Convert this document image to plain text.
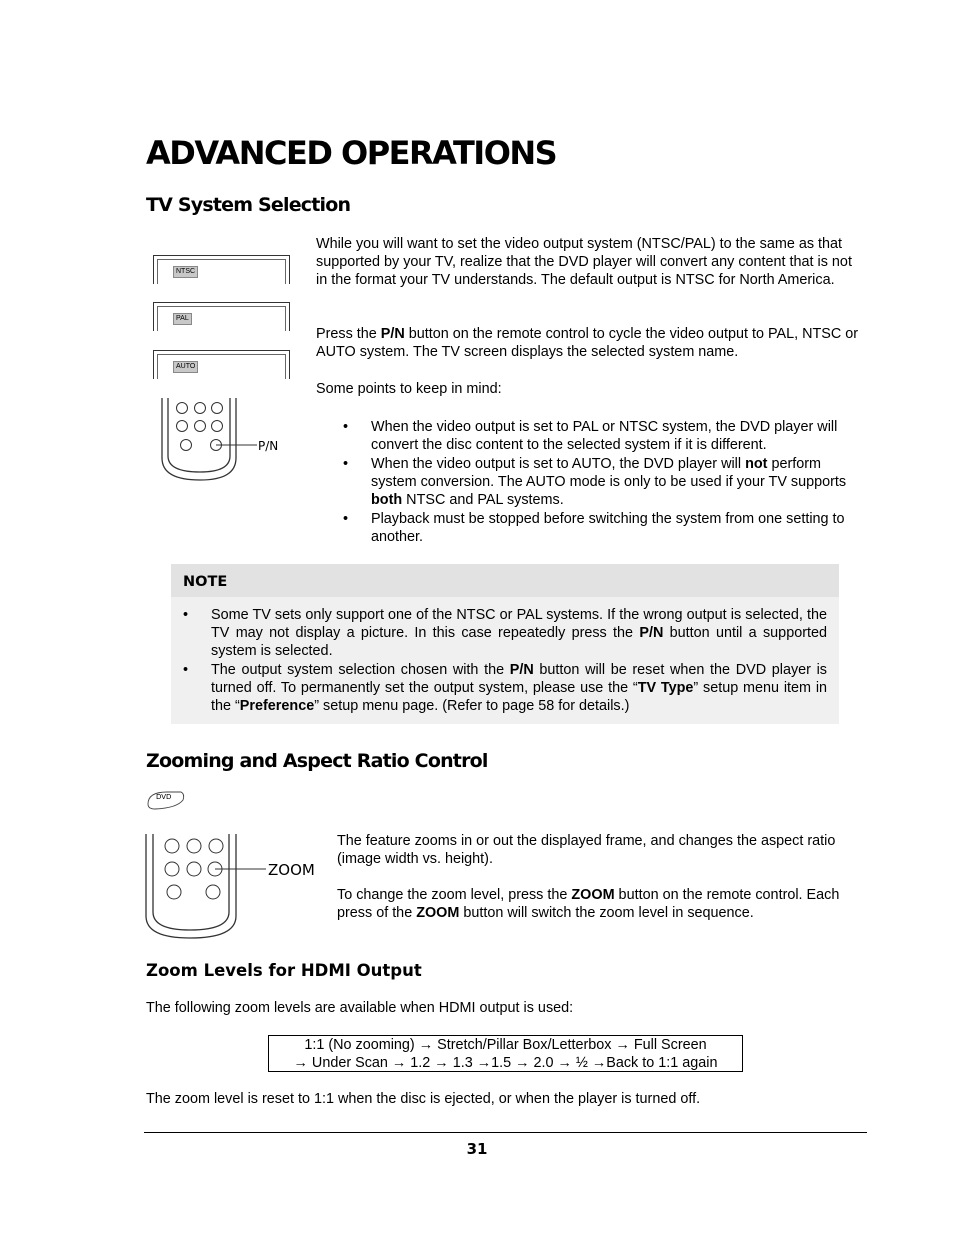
ADVANCED OPERATIONS
TV System Selection
NTSC
PAL
AUTO
P/N
While you will want to set the video output system (NTSC/PAL) to the same as that supported by your TV, realize that the DVD player will convert any content that is not in the format your TV understands. The default output is NTSC for North America.
Press the P/N button on the remote control to cycle the video output to PAL, NTSC or AUTO system. The TV screen displays the selected system name.
Some points to keep in mind:
• When the video output is set to PAL or NTSC system, the DVD player will convert the disc content to the selected system if it is different.
• When the video output is set to AUTO, the DVD player will not perform system conversion. The AUTO mode is only to be used if your TV supports both NTSC and PAL systems.
• Playback must be stopped before switching the system from one setting to another.
NOTE
• Some TV sets only support one of the NTSC or PAL systems. If the wrong output is selected, the TV may not display a picture. In this case repeatedly press the P/N button until a supported system is selected.
• The output system selection chosen with the P/N button will be reset when the DVD player is turned off. To permanently set the output system, please use the “TV Type” setup menu item in the “Preference” setup menu page. (Refer to page 58 for details.)
Zooming and Aspect Ratio Control
DVD
ZOOM
The feature zooms in or out the displayed frame, and changes the aspect ratio (image width vs. height).
To change the zoom level, press the ZOOM button on the remote control. Each press of the ZOOM button will switch the zoom level in sequence.
Zoom Levels for HDMI Output
The following zoom levels are available when HDMI output is used:
1:1 (No zooming) → Stretch/Pillar Box/Letterbox → Full Screen
→ Under Scan → 1.2 → 1.3 →1.5 → 2.0 → ½ →Back to 1:1 again
The zoom level is reset to 1:1 when the disc is ejected, or when the player is turned off.
31
